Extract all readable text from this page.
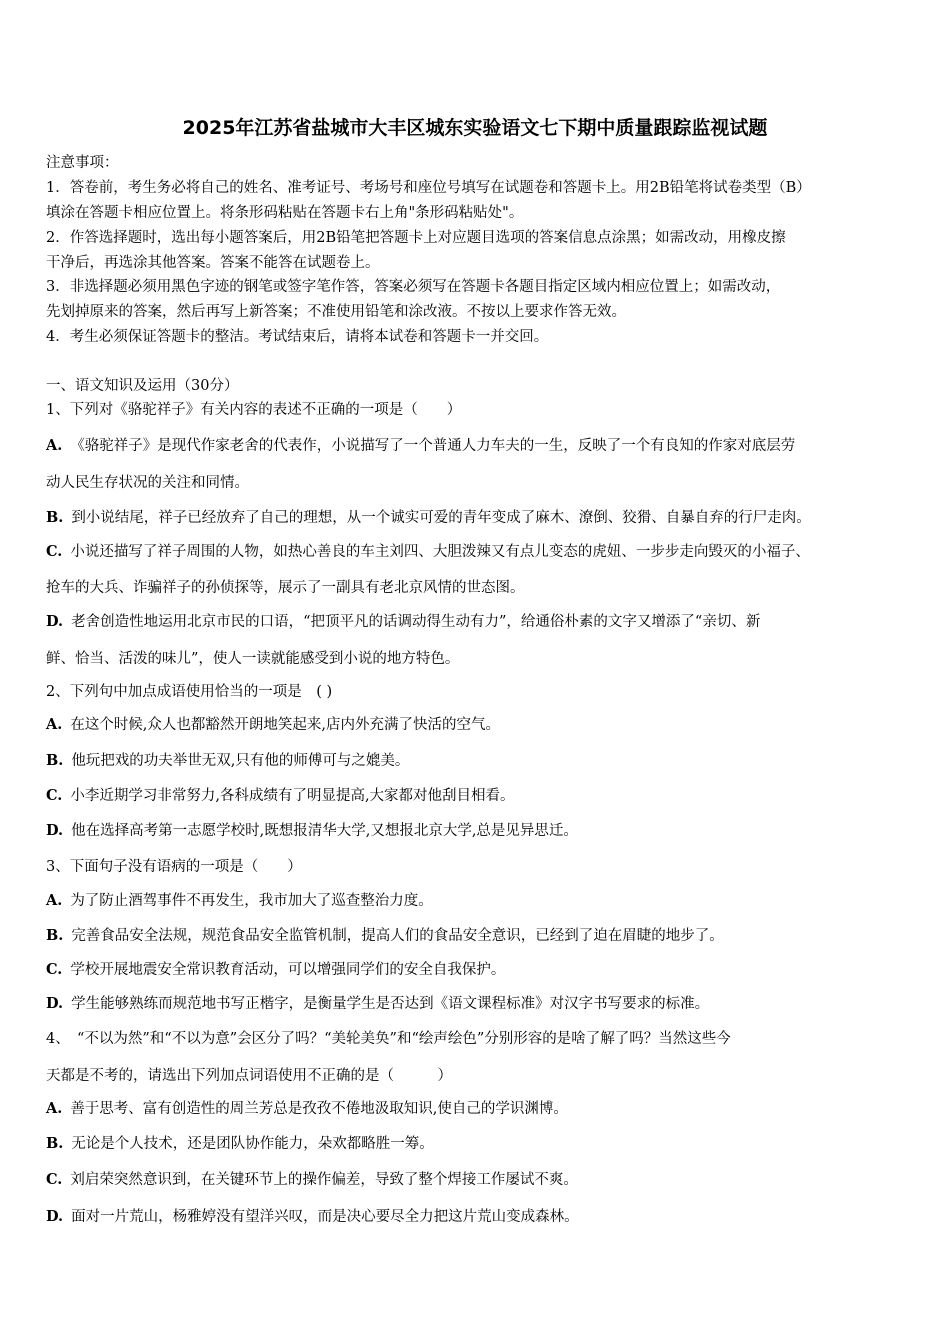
2025年江苏省盐城市大丰区城东实验语文七下期中质量跟踪监视试题
注意事项：
1．答卷前，考生务必将自己的姓名、准考证号、考场号和座位号填写在试题卷和答题卡上。用2B铅笔将试卷类型（B）
填涂在答题卡相应位置上。将条形码粘贴在答题卡右上角"条形码粘贴处"。
2．作答选择题时，选出每小题答案后，用2B铅笔把答题卡上对应题目选项的答案信息点涂黑；如需改动，用橡皮擦
干净后，再选涂其他答案。答案不能答在试题卷上。
3．非选择题必须用黑色字迹的钢笔或签字笔作答，答案必须写在答题卡各题目指定区域内相应位置上；如需改动，
先划掉原来的答案，然后再写上新答案；不准使用铅笔和涂改液。不按以上要求作答无效。
4．考生必须保证答题卡的整洁。考试结束后，请将本试卷和答题卡一并交回。
一、语文知识及运用（30分）
1、下列对《骆驼祥子》有关内容的表述不正确的一项是（　　）
A. 《骆驼祥子》是现代作家老舍的代表作，小说描写了一个普通人力车夫的一生，反映了一个有良知的作家对底层劳
动人民生存状况的关注和同情。
B. 到小说结尾，祥子已经放弃了自己的理想，从一个诚实可爱的青年变成了麻木、潦倒、狡猾、自暴自弃的行尸走肉。
C. 小说还描写了祥子周围的人物，如热心善良的车主刘四、大胆泼辣又有点儿变态的虎妞、一步步走向毁灭的小福子、
抢车的大兵、诈骗祥子的孙侦探等，展示了一副具有老北京风情的世态图。
D. 老舍创造性地运用北京市民的口语，“把顶平凡的话调动得生动有力”，给通俗朴素的文字又增添了“亲切、新
鲜、恰当、活泼的味儿”，使人一读就能感受到小说的地方特色。
2、下列句中加点成语使用恰当的一项是　( )
A. 在这个时候,众人也都豁然开朗地笑起来,店内外充满了快活的空气。
B. 他玩把戏的功夫举世无双,只有他的师傅可与之媲美。
C. 小李近期学习非常努力,各科成绩有了明显提高,大家都对他刮目相看。
D. 他在选择高考第一志愿学校时,既想报清华大学,又想报北京大学,总是见异思迁。
3、下面句子没有语病的一项是（　　）
A. 为了防止酒驾事件不再发生，我市加大了巡查整治力度。
B. 完善食品安全法规，规范食品安全监管机制，提高人们的食品安全意识，已经到了迫在眉睫的地步了。
C. 学校开展地震安全常识教育活动，可以增强同学们的安全自我保护。
D. 学生能够熟练而规范地书写正楷字，是衡量学生是否达到《语文课程标准》对汉字书写要求的标准。
4、　“不以为然”和“不以为意”会区分了吗？“美轮美奂”和“绘声绘色”分别形容的是啥了解了吗？当然这些今
天都是不考的，请选出下列加点词语使用不正确的是（　　　）
A. 善于思考、富有创造性的周兰芳总是孜孜不倦地汲取知识,使自己的学识渊博。
B. 无论是个人技术，还是团队协作能力，朵欢都略胜一筹。
C. 刘启荣突然意识到，在关键环节上的操作偏差，导致了整个焊接工作屡试不爽。
D. 面对一片荒山，杨雅婷没有望洋兴叹，而是决心要尽全力把这片荒山变成森林。
